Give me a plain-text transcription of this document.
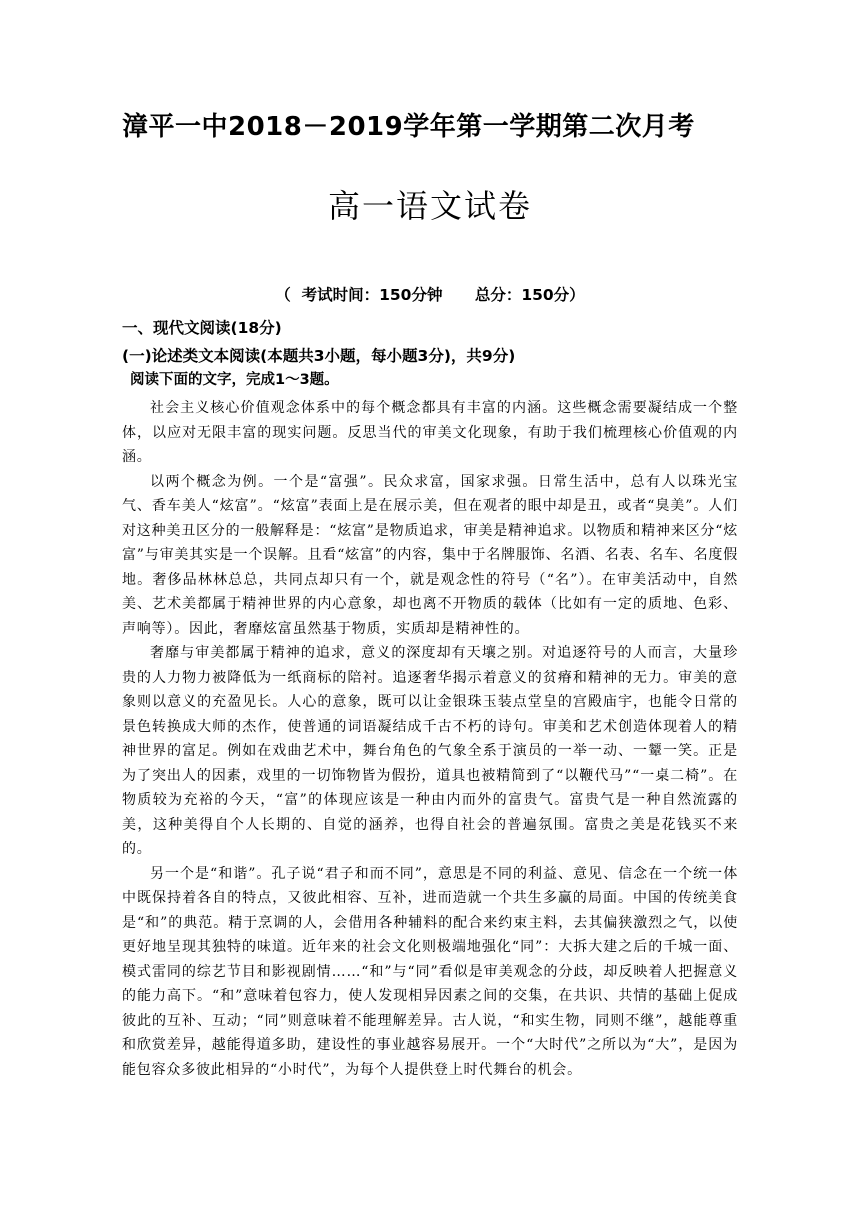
漳平一中2018－2019学年第一学期第二次月考
高一语文试卷
（  考试时间：150分钟      总分：150分）
一、现代文阅读(18分)
(一)论述类文本阅读(本题共3小题，每小题3分)，共9分)
阅读下面的文字，完成1～3题。

社会主义核心价值观念体系中的每个概念都具有丰富的内涵。这些概念需要凝结成一个整体，以应对无限丰富的现实问题。反思当代的审美文化现象，有助于我们梳理核心价值观的内涵。

以两个概念为例。一个是“富强”。民众求富，国家求强。日常生活中，总有人以珠光宝气、香车美人“炫富”。“炫富”表面上是在展示美，但在观者的眼中却是丑，或者“臭美”。人们对这种美丑区分的一般解释是：“炫富”是物质追求，审美是精神追求。以物质和精神来区分“炫富”与审美其实是一个误解。且看“炫富”的内容，集中于名牌服饰、名酒、名表、名车、名度假地。奢侈品林林总总，共同点却只有一个，就是观念性的符号（“名”）。在审美活动中，自然美、艺术美都属于精神世界的内心意象，却也离不开物质的载体（比如有一定的质地、色彩、声响等）。因此，奢靡炫富虽然基于物质，实质却是精神性的。

奢靡与审美都属于精神的追求，意义的深度却有天壤之别。对追逐符号的人而言，大量珍贵的人力物力被降低为一纸商标的陪衬。追逐奢华揭示着意义的贫瘠和精神的无力。审美的意象则以意义的充盈见长。人心的意象，既可以让金银珠玉装点堂皇的宫殿庙宇，也能令日常的景色转换成大师的杰作，使普通的词语凝结成千古不朽的诗句。审美和艺术创造体现着人的精神世界的富足。例如在戏曲艺术中，舞台角色的气象全系于演员的一举一动、一颦一笑。正是为了突出人的因素，戏里的一切饰物皆为假扮，道具也被精简到了“以鞭代马”“一桌二椅”。在物质较为充裕的今天，“富”的体现应该是一种由内而外的富贵气。富贵气是一种自然流露的美，这种美得自个人长期的、自觉的涵养，也得自社会的普遍氛围。富贵之美是花钱买不来的。

另一个是“和谐”。孔子说“君子和而不同”，意思是不同的利益、意见、信念在一个统一体中既保持着各自的特点，又彼此相容、互补，进而造就一个共生多赢的局面。中国的传统美食是“和”的典范。精于烹调的人，会借用各种辅料的配合来约束主料，去其偏狭激烈之气，以使更好地呈现其独特的味道。近年来的社会文化则极端地强化“同”：大拆大建之后的千城一面、模式雷同的综艺节目和影视剧情……“和”与“同”看似是审美观念的分歧，却反映着人把握意义的能力高下。“和”意味着包容力，使人发现相异因素之间的交集，在共识、共情的基础上促成彼此的互补、互动；“同”则意味着不能理解差异。古人说，“和实生物，同则不继”，越能尊重和欣赏差异，越能得道多助，建设性的事业越容易展开。一个“大时代”之所以为“大”，是因为能包容众多彼此相异的“小时代”，为每个人提供登上时代舞台的机会。
